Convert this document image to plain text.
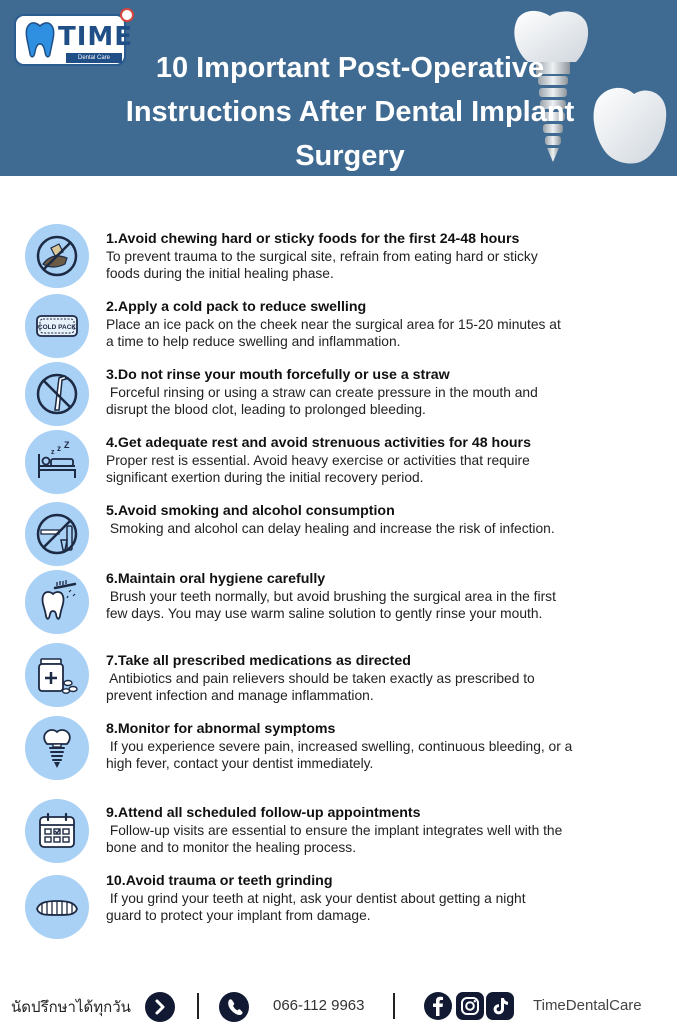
TIME
Dental Care	10 Important Post-Operative
Instructions After Dental Implant
Surgery
1.Avoid chewing hard or sticky foods for the first 24-48 hours
To prevent trauma to the surgical site, refrain from eating hard or sticky
foods during the initial healing phase.
COLD PACK
2.Apply a cold pack to reduce swelling
Place an ice pack on the cheek near the surgical area for 15-20 minutes at
a time to help reduce swelling and inflammation.
3.Do not rinse your mouth forcefully or use a straw
Forceful rinsing or using a straw can create pressure in the mouth and
disrupt the blood clot, leading to prolonged bleeding.
z z Z	4.Get adequate rest and avoid strenuous activities for 48 hours
Proper rest is essential. Avoid heavy exercise or activities that require
significant exertion during the initial recovery period.
5.Avoid smoking and alcohol consumption
Smoking and alcohol can delay healing and increase the risk of infection.
6.Maintain oral hygiene carefully
Brush your teeth normally, but avoid brushing the surgical area in the first
few days. You may use warm saline solution to gently rinse your mouth.
7.Take all prescribed medications as directed
Antibiotics and pain relievers should be taken exactly as prescribed to
prevent infection and manage inflammation.
8.Monitor for abnormal symptoms
If you experience severe pain, increased swelling, continuous bleeding, or a
high fever, contact your dentist immediately.
9.Attend all scheduled follow-up appointments
Follow-up visits are essential to ensure the implant integrates well with the
bone and to monitor the healing process.
10.Avoid trauma or teeth grinding
If you grind your teeth at night, ask your dentist about getting a night
guard to protect your implant from damage.
นัดปรึกษาได้ทุกวัน	066-112 9963	TimeDentalCare
